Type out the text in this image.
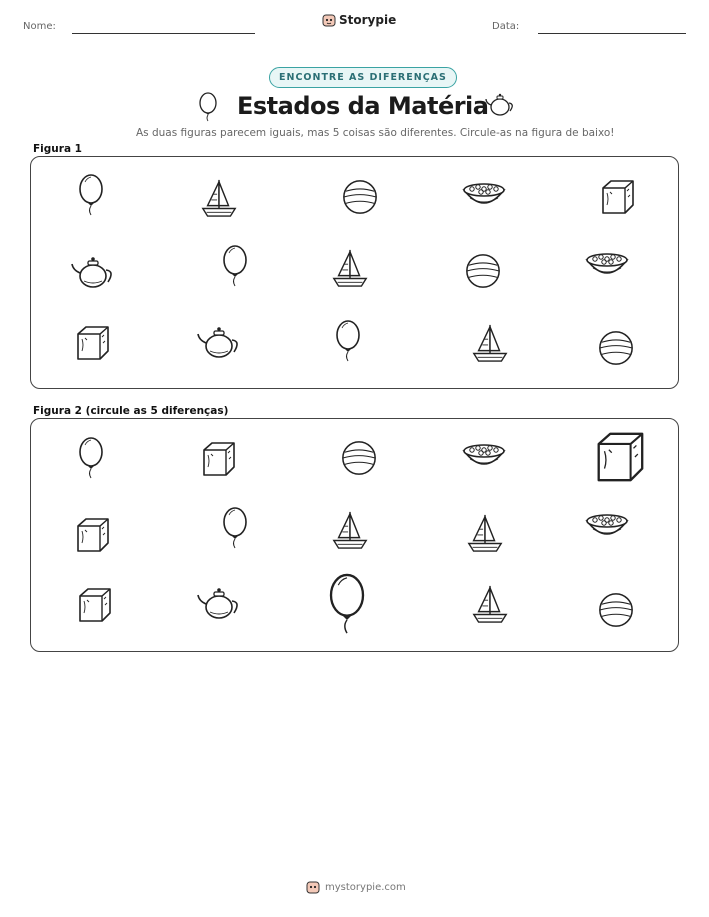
Nome:	Storypie	Data:
ENCONTRE AS DIFERENÇAS
Estados da Matéria
As duas figuras parecem iguais, mas 5 coisas são diferentes. Circule-as na figura de baixo!
Figura 1
Figura 2 (circule as 5 diferenças)
mystorypie.com
